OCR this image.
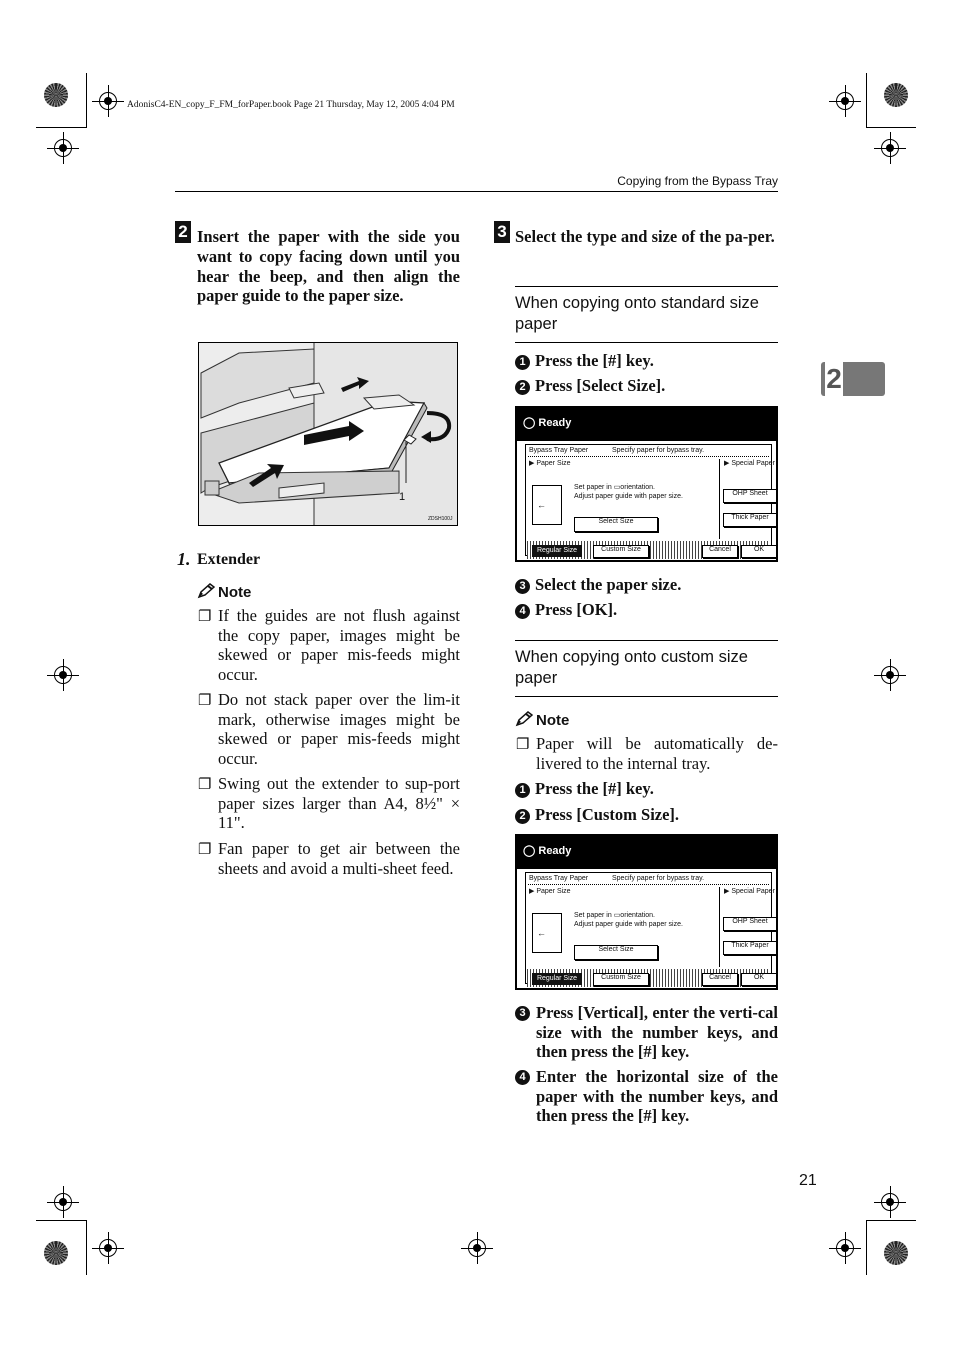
AdonisC4-EN_copy_F_FM_forPaper.book Page 21 Thursday, May 12, 2005 4:04 PM
Copying from the Bypass Tray
2
2 Insert the paper with the side you want to copy facing down until you hear the beep, and then align the paper guide to the paper size.
1
ZDSH100J
1. Extender
Note
❐ If the guides are not flush against the copy paper, images might be skewed or paper mis-feeds might occur.
❐ Do not stack paper over the lim-it mark, otherwise images might be skewed or paper mis-feeds might occur.
❐ Swing out the extender to sup-port paper sizes larger than A4, 8½" × 11".
❐ Fan paper to get air between the sheets and avoid a multi-sheet feed.
3 Select the type and size of the pa-per.
When copying onto standard size paper
1 Press the [#] key.
2 Press [Select Size].
◯ Ready
Bypass Tray Paper	Specify paper for bypass tray.
▶ Paper Size	▶ Special Paper
←
Set paper in ▭orientation.
Adjust paper guide with paper size.
Select Size
OHP Sheet
Thick Paper
Regular Size	Custom Size	Cancel	OK
3 Select the paper size.
4 Press [OK].
When copying onto custom size paper
Note
❐ Paper will be automatically de-livered to the internal tray.
1 Press the [#] key.
2 Press [Custom Size].
◯ Ready
Bypass Tray Paper	Specify paper for bypass tray.
▶ Paper Size	▶ Special Paper
←
Set paper in ▭orientation.
Adjust paper guide with paper size.
Select Size
OHP Sheet
Thick Paper
Regular Size	Custom Size	Cancel	OK
3 Press [Vertical], enter the verti-cal size with the number keys, and then press the [#] key.
4 Enter the horizontal size of the paper with the number keys, and then press the [#] key.
21
